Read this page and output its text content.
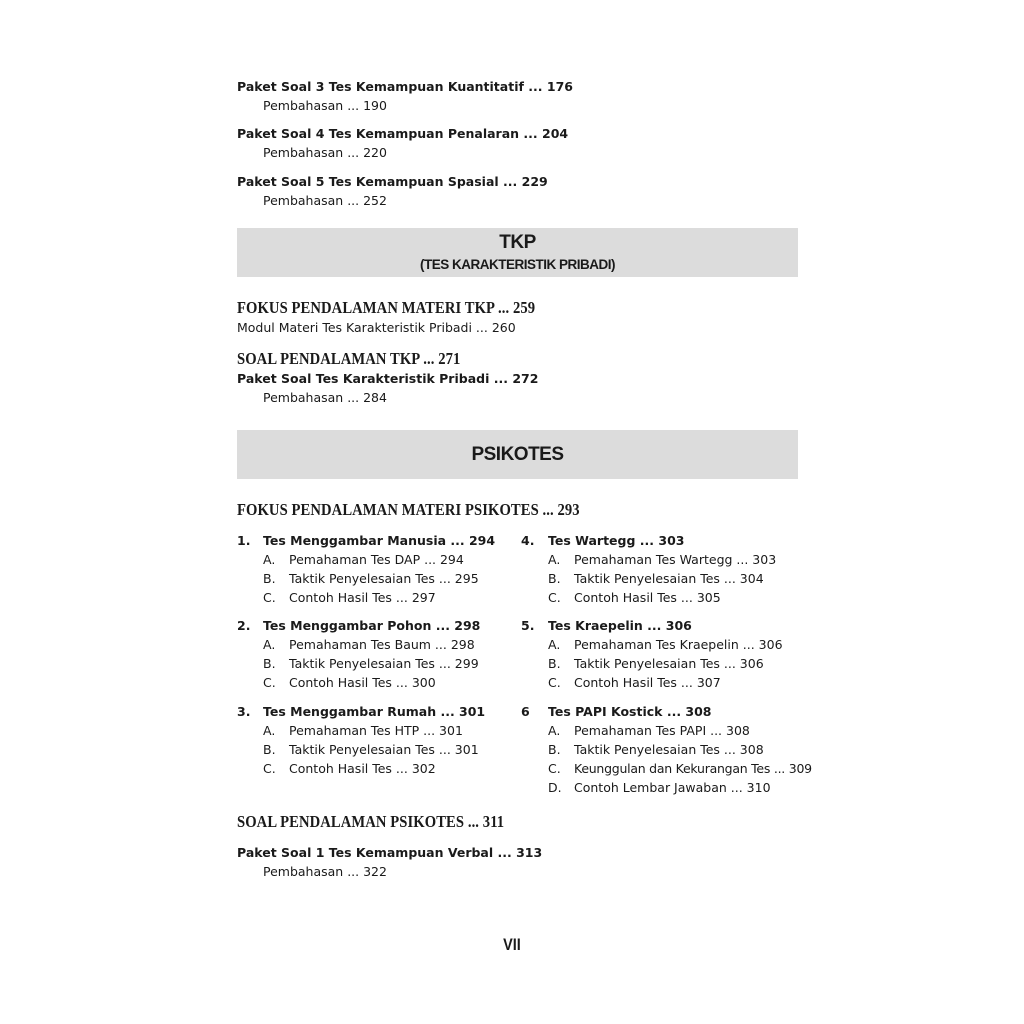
Paket Soal 3 Tes Kemampuan Kuantitatif ... 176
Pembahasan ... 190
Paket Soal 4 Tes Kemampuan Penalaran ... 204
Pembahasan ... 220
Paket Soal 5 Tes Kemampuan Spasial ... 229
Pembahasan ... 252
TKP
(TES KARAKTERISTIK PRIBADI)
FOKUS PENDALAMAN MATERI TKP ... 259
Modul Materi Tes Karakteristik Pribadi ... 260
SOAL PENDALAMAN TKP ... 271
Paket Soal Tes Karakteristik Pribadi ... 272
Pembahasan ... 284
PSIKOTES
FOKUS PENDALAMAN MATERI PSIKOTES ... 293
1. Tes Menggambar Manusia ... 294
A. Pemahaman Tes DAP ... 294
B. Taktik Penyelesaian Tes ... 295
C. Contoh Hasil Tes ... 297
2. Tes Menggambar Pohon ... 298
A. Pemahaman Tes Baum ... 298
B. Taktik Penyelesaian Tes ... 299
C. Contoh Hasil Tes ... 300
3. Tes Menggambar Rumah ... 301
A. Pemahaman Tes HTP ... 301
B. Taktik Penyelesaian Tes ... 301
C. Contoh Hasil Tes ... 302
4. Tes Wartegg ... 303
A. Pemahaman Tes Wartegg ... 303
B. Taktik Penyelesaian Tes ... 304
C. Contoh Hasil Tes ... 305
5. Tes Kraepelin ... 306
A. Pemahaman Tes Kraepelin ... 306
B. Taktik Penyelesaian Tes ... 306
C. Contoh Hasil Tes ... 307
6 Tes PAPI Kostick ... 308
A. Pemahaman Tes PAPI ... 308
B. Taktik Penyelesaian Tes ... 308
C. Keunggulan dan Kekurangan Tes ... 309
D. Contoh Lembar Jawaban ... 310
SOAL PENDALAMAN PSIKOTES ... 311
Paket Soal 1 Tes Kemampuan Verbal ... 313
Pembahasan ... 322
VII
